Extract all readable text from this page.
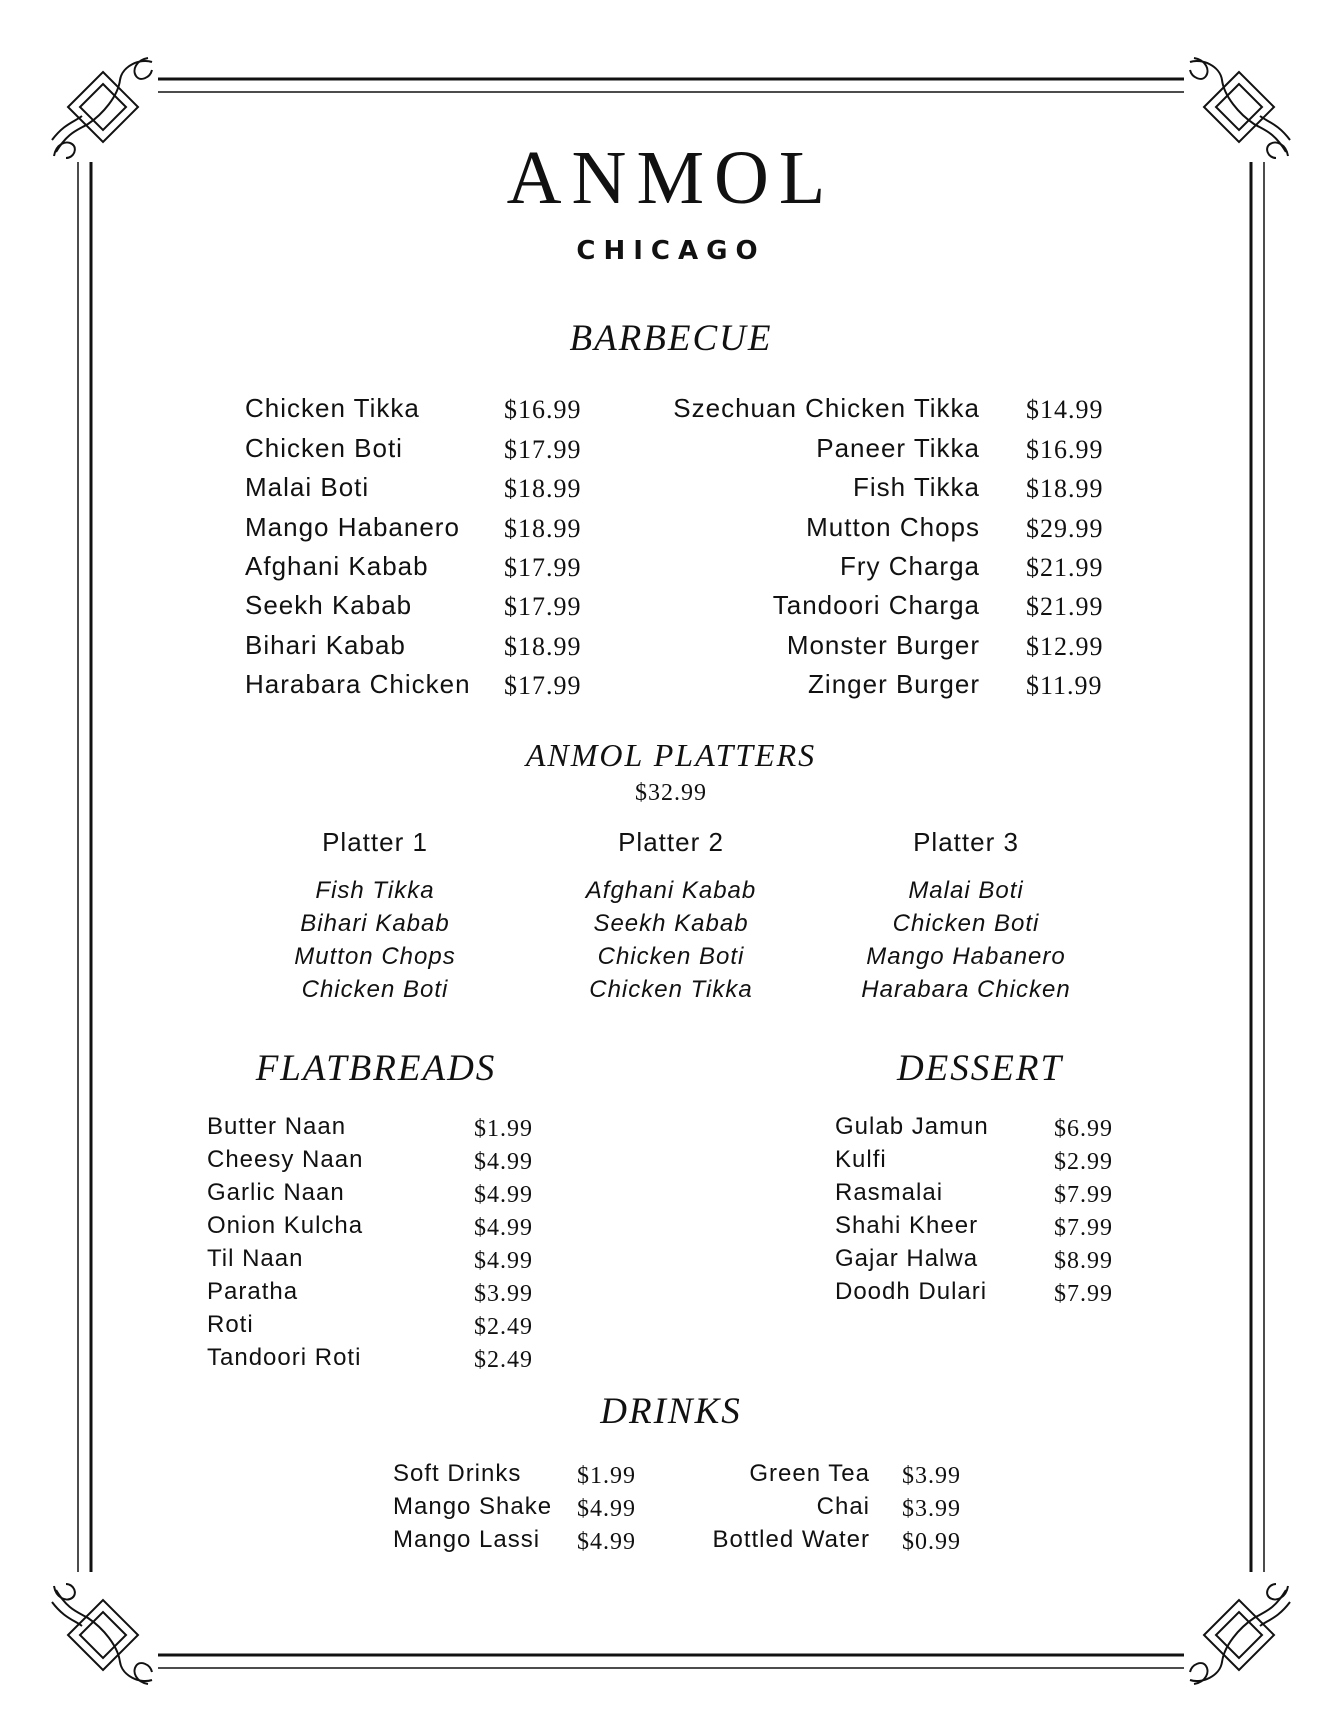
ANMOL
CHICAGO
BARBECUE
Chicken Tikka
Chicken Boti
Malai Boti
Mango Habanero
Afghani Kabab
Seekh Kabab
Bihari Kabab
Harabara Chicken
$16.99
$17.99
$18.99
$18.99
$17.99
$17.99
$18.99
$17.99
Szechuan Chicken Tikka
Paneer Tikka
Fish Tikka
Mutton Chops
Fry Charga
Tandoori Charga
Monster Burger
Zinger Burger
$14.99
$16.99
$18.99
$29.99
$21.99
$21.99
$12.99
$11.99
ANMOL PLATTERS
$32.99
Platter 1	Platter 2	Platter 3
Fish Tikka
Bihari Kabab
Mutton Chops
Chicken Boti
Afghani Kabab
Seekh Kabab
Chicken Boti
Chicken Tikka
Malai Boti
Chicken Boti
Mango Habanero
Harabara Chicken
FLATBREADS
Butter Naan
Cheesy Naan
Garlic Naan
Onion Kulcha
Til Naan
Paratha
Roti
Tandoori Roti
$1.99
$4.99
$4.99
$4.99
$4.99
$3.99
$2.49
$2.49
DESSERT
Gulab Jamun
Kulfi
Rasmalai
Shahi Kheer
Gajar Halwa
Doodh Dulari
$6.99
$2.99
$7.99
$7.99
$8.99
$7.99
DRINKS
Soft Drinks
Mango Shake
Mango Lassi
$1.99
$4.99
$4.99
Green Tea
Chai
Bottled Water
$3.99
$3.99
$0.99
